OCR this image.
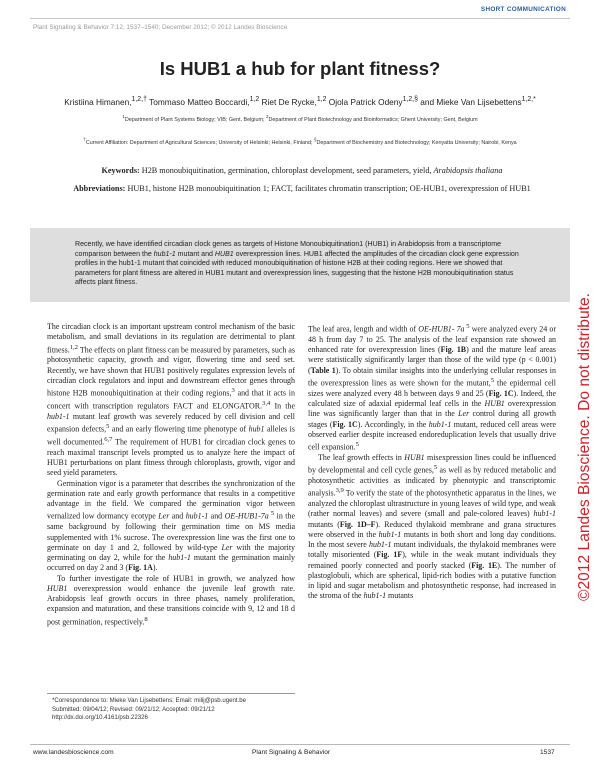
SHORT COMMUNICATION
Plant Signaling & Behavior 7:12, 1537–1540; December 2012; © 2012 Landes Bioscience
Is HUB1 a hub for plant fitness?
Kristiina Himanen,$^{1,2,\dagger}$ Tommaso Matteo Boccardi,$^{1,2}$ Riet De Rycke,$^{1,2}$ Ojola Patrick Odeny$^{1,2,\S}$ and Mieke Van Lijsebettens$^{1,2,*}$
$^1$Department of Plant Systems Biology; VIB; Gent, Belgium; $^2$Department of Plant Biotechnology and Bioinformatics; Ghent University; Gent, Belgium
†Current Affiliation: Department of Agricultural Sciences; University of Helsinki; Helsinki, Finland; §Department of Biochemistry and Biotechnology; Kenyatta University; Nairobi, Kenya
Keywords: H2B monoubiquitination, germination, chloroplast development, seed parameters, yield, Arabidopsis thaliana
Abbreviations: HUB1, histone H2B monoubiquitination 1; FACT, facilitates chromatin transcription; OE-HUB1, overexpression of HUB1
Recently, we have identified circadian clock genes as targets of Histone Monoubiquitination1 (HUB1) in Arabidopsis from a transcriptome comparison between the hub1-1 mutant and HUB1 overexpression lines. HUB1 affected the amplitudes of the circadian clock gene expression profiles in the hub1-1 mutant that coincided with reduced monoubiquitination of histone H2B at their coding regions. Here we showed that parameters for plant fitness are altered in HUB1 mutant and overexpression lines, suggesting that the histone H2B monoubiquitination status affects plant fitness.

The circadian clock is an important upstream control mechanism of the basic metabolism, and small deviations in its regulation are detrimental to plant fitness.$^{1,2}$ The effects on plant fitness can be measured by parameters, such as photosynthetic capacity, growth and vigor, flowering time and seed set. Recently, we have shown that HUB1 positively regulates expression levels of circadian clock regulators and input and downstream effector genes through histone H2B monoubiquitination at their coding regions,$^3$ and that it acts in concert with transcription regulators FACT and ELONGATOR.$^{3,4}$ In the hub1-1 mutant leaf growth was severely reduced by cell division and cell expansion defects,$^5$ and an early flowering time phenotype of hub1 alleles is well documented.$^{6,7}$ The requirement of HUB1 for circadian clock genes to reach maximal transcript levels prompted us to analyze here the impact of HUB1 perturbations on plant fitness through chloroplasts, growth, vigor and seed yield parameters.

Germination vigor is a parameter that describes the synchronization of the germination rate and early growth performance that results in a competitive advantage in the field. We compared the germination vigor between vernalized low dormancy ecotype Ler and hub1-1 and OE-HUB1-7a $^5$ in the same background by following their germination time on MS media supplemented with 1% sucrose. The overexpression line was the first one to germinate on day 1 and 2, followed by wild-type Ler with the majority germinating on day 2, while for the hub1-1 mutant the germination mainly occurred on day 2 and 3 (Fig. 1A).

To further investigate the role of HUB1 in growth, we analyzed how HUB1 overexpression would enhance the juvenile leaf growth rate. Arabidopsis leaf growth occurs in three phases, namely proliferation, expansion and maturation, and these transitions coincide with 9, 12 and 18 d post germination, respectively.$^8$

The leaf area, length and width of OE-HUB1- 7a $^5$ were analyzed every 24 or 48 h from day 7 to 25. The analysis of the leaf expansion rate showed an enhanced rate for overexpression lines (Fig. 1B) and the mature leaf areas were statistically significantly larger than those of the wild type (p < 0.001) (Table 1). To obtain similar insights into the underlying cellular responses in the overexpression lines as were shown for the mutant,$^5$ the epidermal cell sizes were analyzed every 48 h between days 9 and 25 (Fig. 1C). Indeed, the calculated size of adaxial epidermal leaf cells in the HUB1 overexpression line was significantly larger than that in the Ler control during all growth stages (Fig. 1C). Accordingly, in the hub1-1 mutant, reduced cell areas were observed earlier despite increased endoreduplication levels that usually drive cell expansion.$^5$

The leaf growth effects in HUB1 misexpression lines could be influenced by developmental and cell cycle genes,$^5$ as well as by reduced metabolic and photosynthetic activities as indicated by phenotypic and transcriptomic analysis.$^{3,9}$ To verify the state of the photosynthetic apparatus in the lines, we analyzed the chloroplast ultrastructure in young leaves of wild type, and weak (rather normal leaves) and severe (small and pale-colored leaves) hub1-1 mutants (Fig. 1D–F). Reduced thylakoid membrane and grana structures were observed in the hub1-1 mutants in both short and long day conditions. In the most severe hub1-1 mutant individuals, the thylakoid membranes were totally misoriented (Fig. 1F), while in the weak mutant individuals they remained poorly connected and poorly stacked (Fig. 1E). The number of plastoglobuli, which are spherical, lipid-rich bodies with a putative function in lipid and sugar metabolism and photosynthetic response, had increased in the stroma of the hub1-1 mutants

*Correspondence to: Mieke Van Lijsebettens; Email: milij@psb.ugent.be
Submitted: 09/04/12; Revised: 09/21/12; Accepted: 09/21/12
http://dx.doi.org/10.4161/psb.22326
www.landesbioscience.com	Plant Signaling & Behavior	1537
©2012 Landes Bioscience. Do not distribute.
